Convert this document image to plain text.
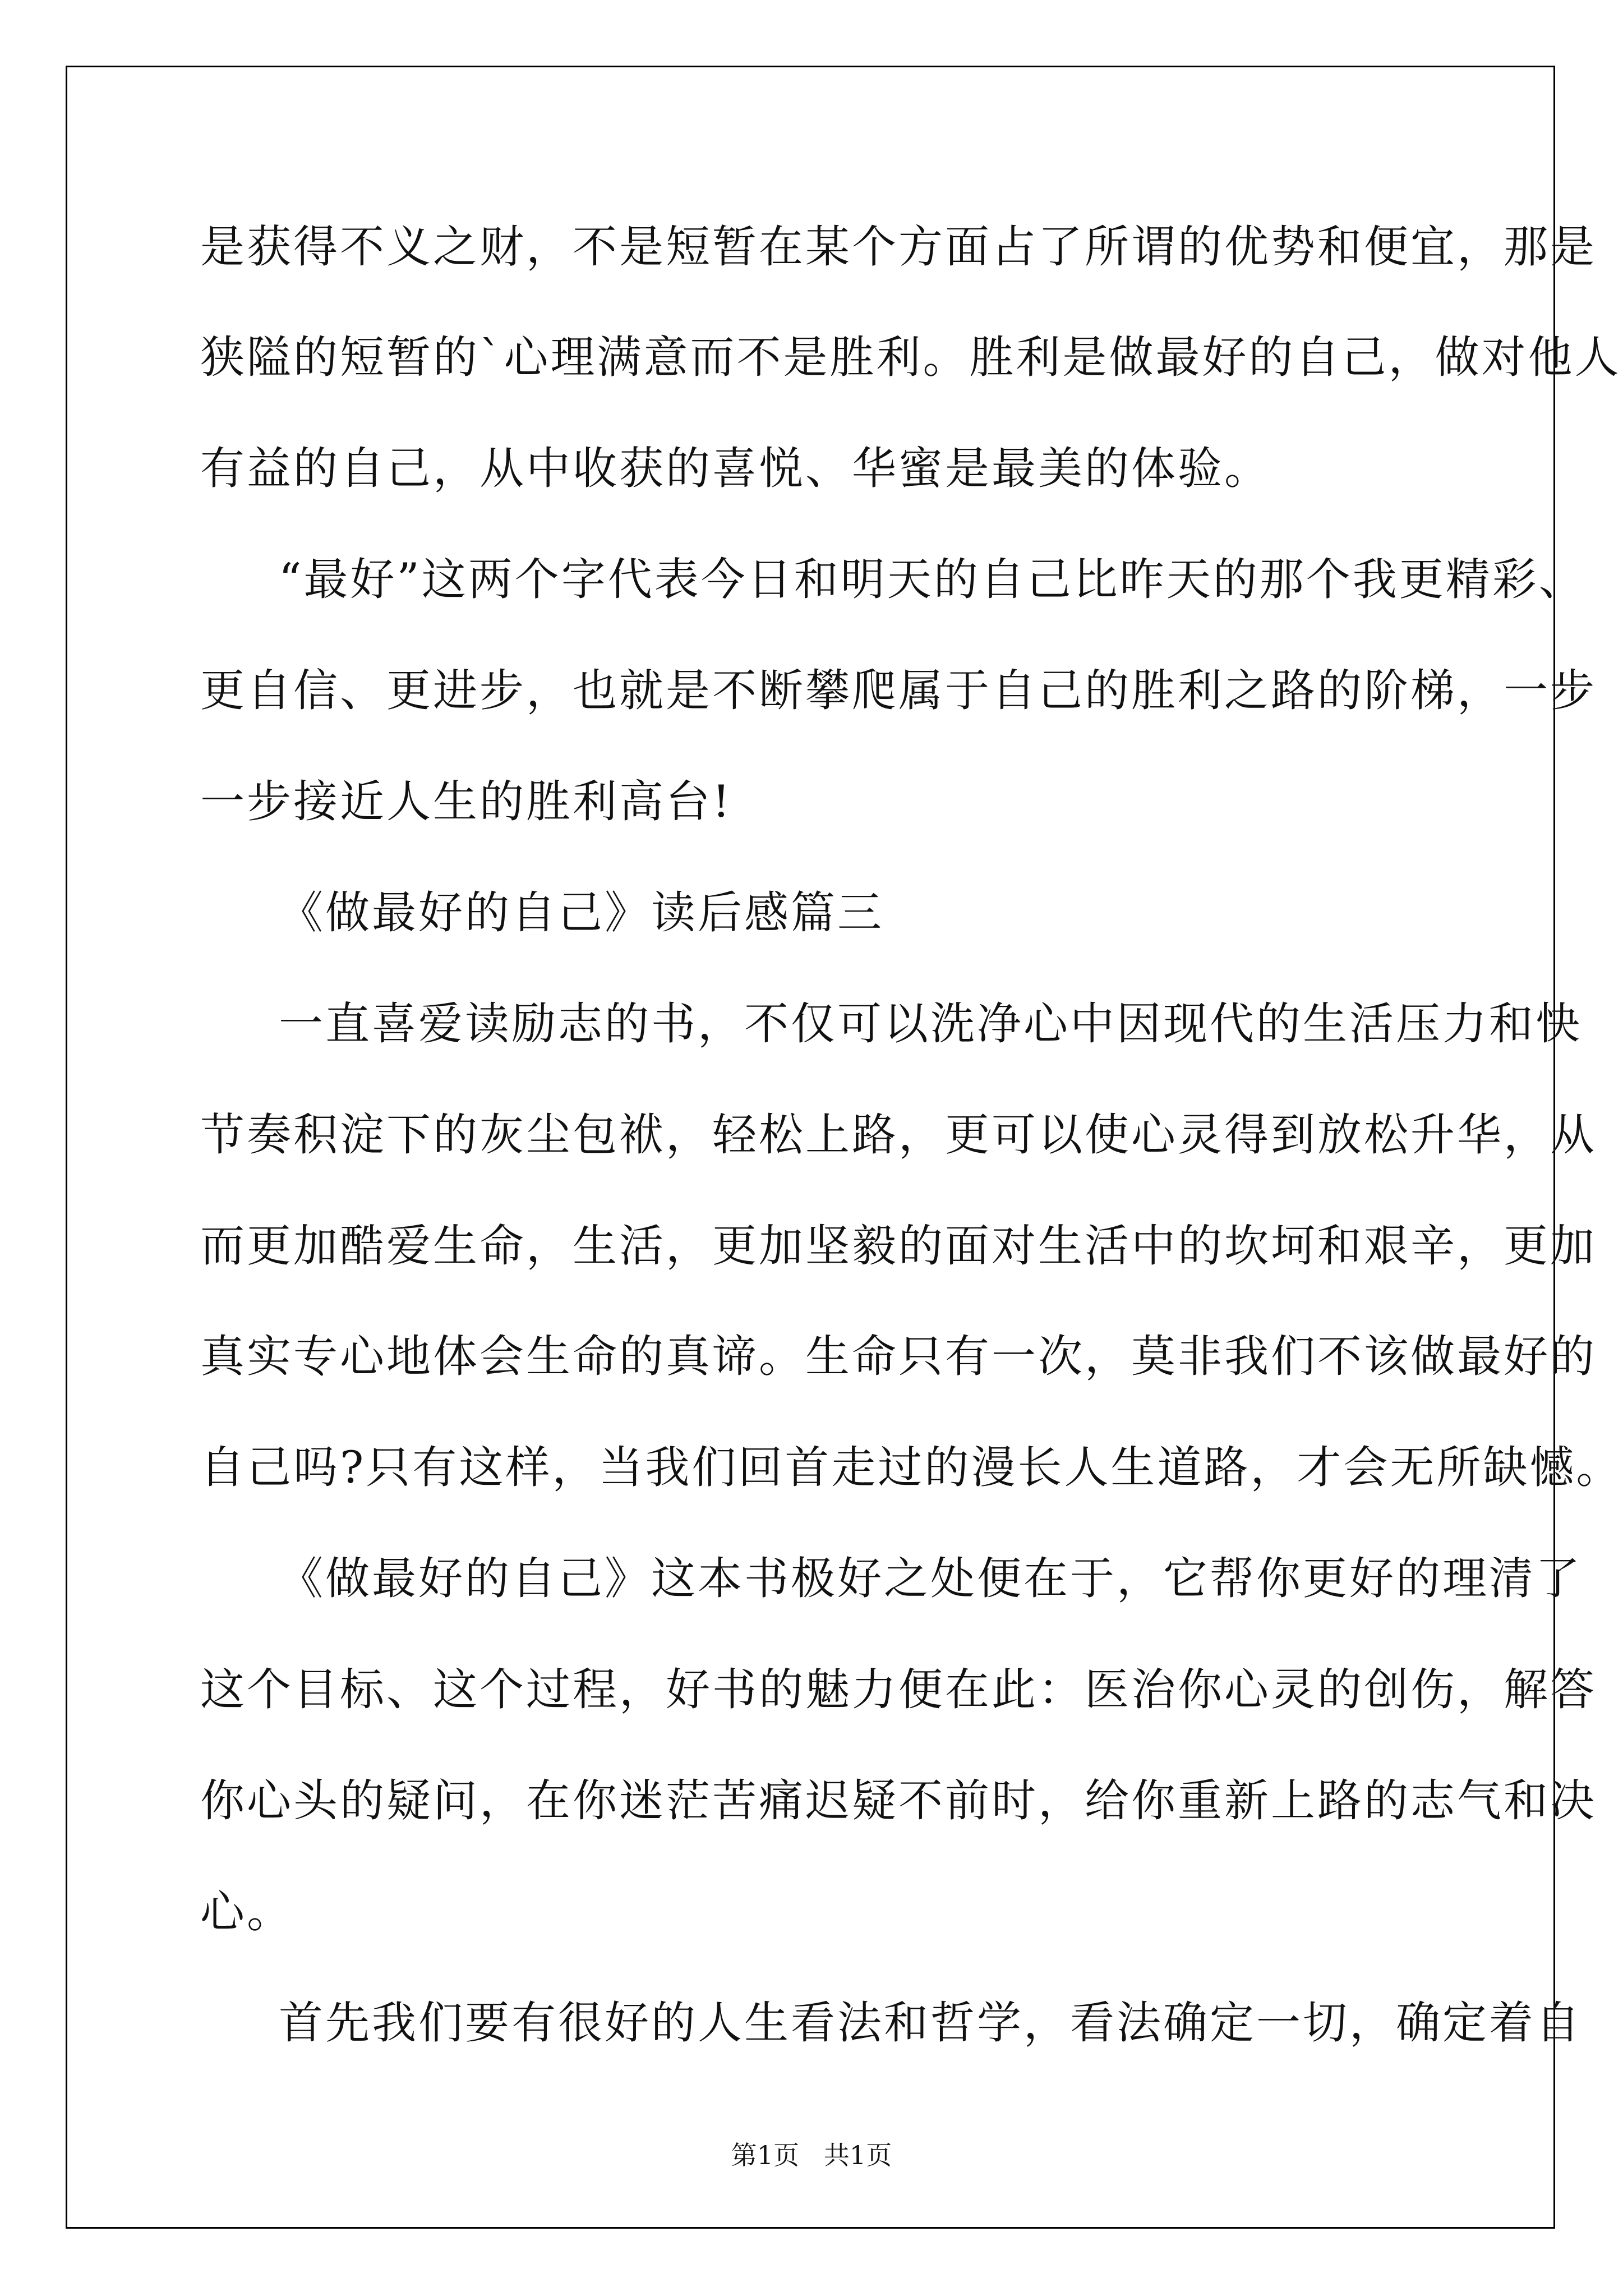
是获得不义之财，不是短暂在某个方面占了所谓的优势和便宜，那是
狭隘的短暂的`心理满意而不是胜利。胜利是做最好的自己，做对他人
有益的自己，从中收获的喜悦、华蜜是最美的体验。
“最好”这两个字代表今日和明天的自己比昨天的那个我更精彩、
更自信、更进步，也就是不断攀爬属于自己的胜利之路的阶梯，一步
一步接近人生的胜利高台!
《做最好的自己》读后感篇三
一直喜爱读励志的书，不仅可以洗净心中因现代的生活压力和快
节奏积淀下的灰尘包袱，轻松上路，更可以使心灵得到放松升华，从
而更加酷爱生命，生活，更加坚毅的面对生活中的坎坷和艰辛，更加
真实专心地体会生命的真谛。生命只有一次，莫非我们不该做最好的
自己吗?只有这样，当我们回首走过的漫长人生道路，才会无所缺憾。
《做最好的自己》这本书极好之处便在于，它帮你更好的理清了
这个目标、这个过程，好书的魅力便在此：医治你心灵的创伤，解答
你心头的疑问，在你迷茫苦痛迟疑不前时，给你重新上路的志气和决
心。
首先我们要有很好的人生看法和哲学，看法确定一切，确定着自
第1页   共1页
